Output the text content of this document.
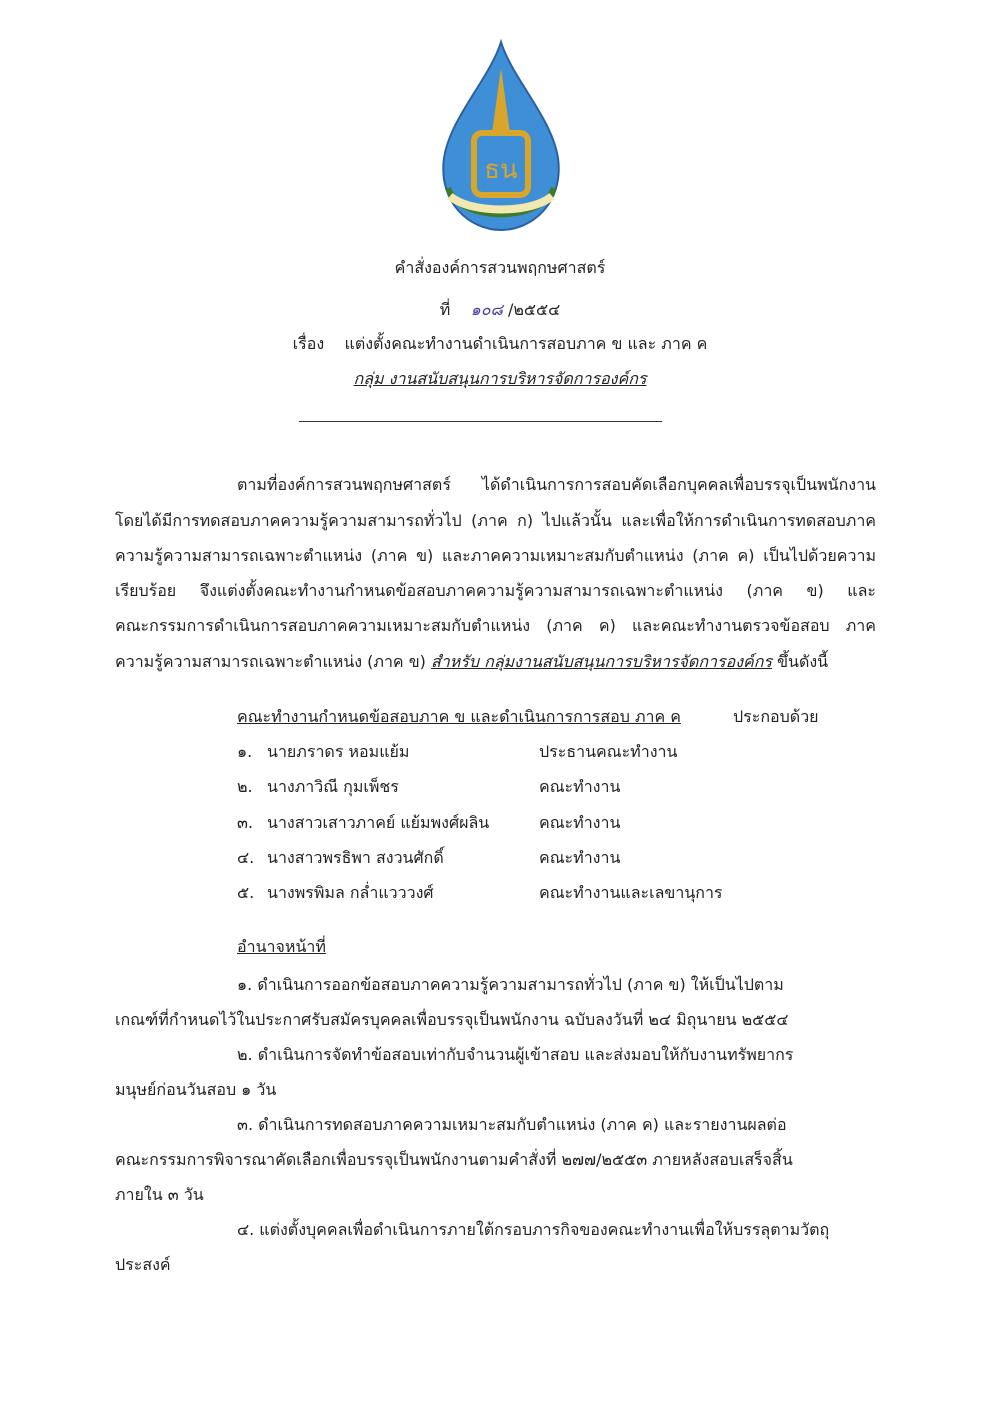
ธน
คำสั่งองค์การสวนพฤกษศาสตร์
ที่ ๑๐๘ /๒๕๕๔
เรื่อง แต่งตั้งคณะทำงานดำเนินการสอบภาค ข และ ภาค ค
กลุ่ม งานสนับสนุนการบริหารจัดการองค์กร
ตามที่องค์การสวนพฤกษศาสตร์ ได้ดำเนินการการสอบคัดเลือกบุคคลเพื่อบรรจุเป็นพนักงาน
โดยได้มีการทดสอบภาคความรู้ความสามารถทั่วไป (ภาค ก) ไปแล้วนั้น และเพื่อให้การดำเนินการทดสอบภาค
ความรู้ความสามารถเฉพาะตำแหน่ง (ภาค ข) และภาคความเหมาะสมกับตำแหน่ง (ภาค ค) เป็นไปด้วยความ
เรียบร้อย จึงแต่งตั้งคณะทำงานกำหนดข้อสอบภาคความรู้ความสามารถเฉพาะตำแหน่ง (ภาค ข) และ
คณะกรรมการดำเนินการสอบภาคความเหมาะสมกับตำแหน่ง (ภาค ค) และคณะทำงานตรวจข้อสอบ ภาค
ความรู้ความสามารถเฉพาะตำแหน่ง (ภาค ข) สำหรับ กลุ่มงานสนับสนุนการบริหารจัดการองค์กร ขึ้นดังนี้
คณะทำงานกำหนดข้อสอบภาค ข และดำเนินการการสอบ ภาค ค	ประกอบด้วย
๑. นายภราดร หอมแย้ม	ประธานคณะทำงาน
๒. นางภาวิณี กุมเพ็ชร	คณะทำงาน
๓. นางสาวเสาวภาคย์ แย้มพงศ์ผลิน	คณะทำงาน
๔. นางสาวพรธิพา สงวนศักดิ์	คณะทำงาน
๕. นางพรพิมล กล่ำแวววงศ์	คณะทำงานและเลขานุการ
อำนาจหน้าที่
๑. ดำเนินการออกข้อสอบภาคความรู้ความสามารถทั่วไป (ภาค ข) ให้เป็นไปตาม
เกณฑ์ที่กำหนดไว้ในประกาศรับสมัครบุคคลเพื่อบรรจุเป็นพนักงาน ฉบับลงวันที่ ๒๔ มิถุนายน ๒๕๕๔
๒. ดำเนินการจัดทำข้อสอบเท่ากับจำนวนผู้เข้าสอบ และส่งมอบให้กับงานทรัพยากร
มนุษย์ก่อนวันสอบ ๑ วัน
๓. ดำเนินการทดสอบภาคความเหมาะสมกับตำแหน่ง (ภาค ค) และรายงานผลต่อ
คณะกรรมการพิจารณาคัดเลือกเพื่อบรรจุเป็นพนักงานตามคำสั่งที่ ๒๗๗/๒๕๕๓ ภายหลังสอบเสร็จสิ้น
ภายใน ๓ วัน
๔. แต่งตั้งบุคคลเพื่อดำเนินการภายใต้กรอบภารกิจของคณะทำงานเพื่อให้บรรลุตามวัตถุ
ประสงค์
